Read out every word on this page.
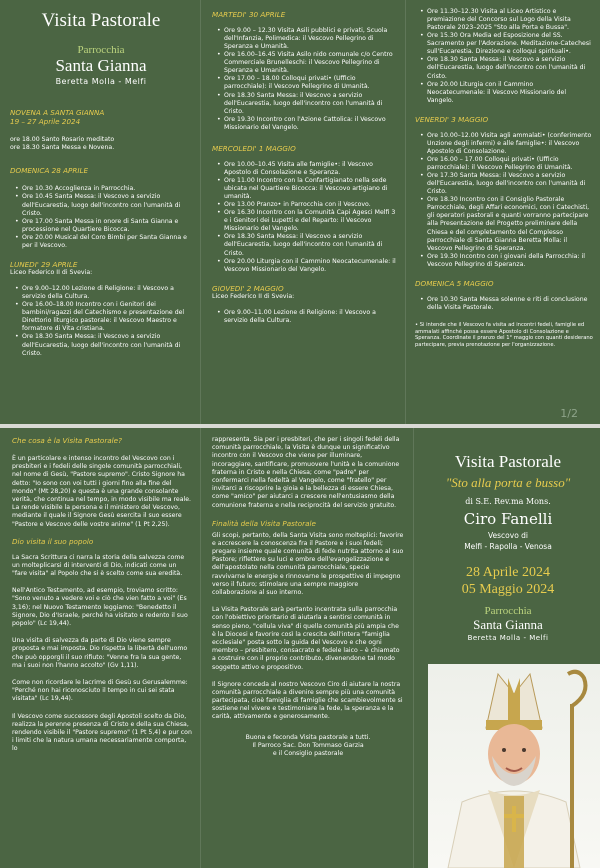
Visita Pastorale
Parrocchia
Santa Gianna
Beretta Molla - Melfi
NOVENA A SANTA GIANNA
19 – 27 Aprile 2024
ore 18.00 Santo Rosario meditato
ore 18.30 Santa Messa e Novena.
DOMENICA 28 APRILE
• Ore 10.30 Accoglienza in Parrocchia.
• Ore 10.45 Santa Messa: il Vescovo a servizio dell'Eucarestia, luogo dell'incontro con l'umanità di Cristo.
• Ore 17.00 Santa Messa in onore di Santa Gianna e processione nel Quartiere Bicocca.
• Ore 20.00 Musical del Coro Bimbi per Santa Gianna e per il Vescovo.
LUNEDI' 29 APRILE
Liceo Federico II di Svevia:
• Ore 9.00–12.00 Lezione di Religione: il Vescovo a servizio della Cultura.
• Ore 16.00–18.00 Incontro con i Genitori dei bambini/ragazzi del Catechismo e presentazione del Direttorio liturgico pastorale: il Vescovo Maestro e formatore di Vita cristiana.
• Ore 18.30 Santa Messa: il Vescovo a servizio dell'Eucarestia, luogo dell'incontro con l'umanità di Cristo.
MARTEDI' 30 APRILE
• Ore 9.00 – 12.30 Visita Asili pubblici e privati, Scuola dell'Infanzia, Polimedica: il Vescovo Pellegrino di Speranza e Umanità.
• Ore 16.00–16.45 Visita Asilo nido comunale c/o Centro Commerciale Brunelleschi: il Vescovo Pellegrino di Speranza e Umanità.
• Ore 17.00 – 18.00 Colloqui privati• (Ufficio parrocchiale): il Vescovo Pellegrino di Umanità.
• Ore 18.30 Santa Messa: il Vescovo a servizio dell'Eucarestia, luogo dell'incontro con l'umanità di Cristo.
• Ore 19.30 Incontro con l'Azione Cattolica: il Vescovo Missionario del Vangelo.
MERCOLEDI' 1 MAGGIO
• Ore 10.00–10.45 Visita alle famiglie•: il Vescovo Apostolo di Consolazione e Speranza.
• Ore 11.00 Incontro con la Confartigianato nella sede ubicata nel Quartiere Bicocca: il Vescovo artigiano di umanità.
• Ore 13.00 Pranzo• in Parrocchia con il Vescovo.
• Ore 16.30 Incontro con la Comunità Capi Agesci Melfi 3 e i Genitori dei Lupetti e del Reparto: il Vescovo Missionario del Vangelo.
• Ore 18.30 Santa Messa: il Vescovo a servizio dell'Eucarestia, luogo dell'incontro con l'umanità di Cristo.
• Ore 20.00 Liturgia con il Cammino Neocatecumenale: il Vescovo Missionario del Vangelo.
GIOVEDI' 2 MAGGIO
Liceo Federico II di Svevia:
• Ore 9.00–11.00 Lezione di Religione: il Vescovo a servizio della Cultura.
• Ore 11.30–12.30 Visita al Liceo Artistico e premiazione del Concorso sul Logo della Visita Pastorale 2023–2025 "Sto alla Porta e Bussa".
• Ore 15.30 Ora Media ed Esposizione del SS. Sacramento per l'Adorazione. Meditazione-Catechesi sull'Eucarestia. Direzione e colloqui spirituali•.
• Ore 18.30 Santa Messa: il Vescovo a servizio dell'Eucarestia, luogo dell'incontro con l'umanità di Cristo.
• Ore 20.00 Liturgia con il Cammino Neocatecumenale: il Vescovo Missionario del Vangelo.
VENERDI' 3 MAGGIO
• Ore 10.00–12.00 Visita agli ammalati• (conferimento Unzione degli infermi) e alle famiglie•: il Vescovo Apostolo di Consolazione.
• Ore 16.00 – 17.00 Colloqui privati• (Ufficio parrocchiale): il Vescovo Pellegrino di Umanità.
• Ore 17.30 Santa Messa: il Vescovo a servizio dell'Eucarestia, luogo dell'incontro con l'umanità di Cristo.
• Ore 18.30 Incontro con il Consiglio Pastorale Parrocchiale, degli Affari economici, con i Catechisti, gli operatori pastorali e quanti vorranno partecipare alla Presentazione del Progetto preliminare della Chiesa e del completamento del Complesso parrocchiale di Santa Gianna Beretta Molla: il Vescovo Pellegrino di Speranza.
• Ore 19.30 Incontro con i giovani della Parrocchia: il Vescovo Pellegrino di Speranza.
DOMENICA 5 MAGGIO
• Ore 10.30 Santa Messa solenne e riti di conclusione della Visita Pastorale.
• Si intende che il Vescovo fa visita ad incontri fedeli, famiglie ed ammalati affinché possa essere Apostolo di Consolazione e Speranza. Coordinate il pranzo del 1° maggio con quanti desiderano partecipare, previa prenotazione per l'organizzazione.
1/2
Che cosa è la Visita Pastorale?
È un particolare e intenso incontro del Vescovo con i presbiteri e i fedeli delle singole comunità parrocchiali, nel nome di Gesù, "Pastore supremo". Cristo Signore ha detto: "Io sono con voi tutti i giorni fino alla fine del mondo" (Mt 28,20) e questa è una grande consolante verità, che continua nel tempo, in modo visibile ma reale. La rende visibile la persona e il ministero del Vescovo, mediante il quale il Signore Gesù esercita il suo essere "Pastore e Vescovo delle vostre anime" (1 Pt 2,25).
Dio visita il suo popolo
La Sacra Scrittura ci narra la storia della salvezza come un molteplicarsi di interventi di Dio, indicati come un "fare visita" al Popolo che si è scelto come sua eredità.
Nell'Antico Testamento, ad esempio, troviamo scritto: "Sono venuto a vedere voi e ciò che vien fatto a voi" (Es 3,16); nel Nuovo Testamento leggiamo: "Benedetto il Signore, Dio d'Israele, perché ha visitato e redento il suo popolo" (Lc 19,44).
Una visita di salvezza da parte di Dio viene sempre proposta e mai imposta. Dio rispetta la libertà dell'uomo che può opporgli il suo rifiuto: "Venne fra la sua gente, ma i suoi non l'hanno accolto" (Gv 1,11).
Come non ricordare le lacrime di Gesù su Gerusalemme: "Perché non hai riconosciuto il tempo in cui sei stata visitata" (Lc 19,44).
Il Vescovo come successore degli Apostoli scelto da Dio, realizza la perenne presenza di Cristo e della sua Chiesa, rendendo visibile il "Pastore supremo" (1 Pt 5,4) e pur con i limiti che la natura umana necessariamente comporta, lo
rappresenta. Sia per i presbiteri, che per i singoli fedeli della comunità parrocchiale, la Visita è dunque un significativo incontro con il Vescovo che viene per illuminare, incoraggiare, santificare, promuovere l'unità e la comunione fraterna in Cristo e nella Chiesa; come "padre" per confermarci nella fedeltà al Vangelo, come "fratello" per invitarci a riscoprire la gioia e la bellezza di essere Chiesa, come "amico" per aiutarci a crescere nell'entusiasmo della comunione fraterna e nella reciprocità del servizio gratuito.
Finalità della Visita Pastorale
Gli scopi, pertanto, della Santa Visita sono molteplici: favorire e accrescere la conoscenza fra il Pastore e i suoi fedeli; pregare insieme quale comunità di fede nutrita attorno al suo Pastore; riflettere su luci e ombre dell'evangelizzazione e dell'apostolato nella comunità parrocchiale, specie ravvivarne le energie e rinnovarne le prospettive di impegno verso il futuro; stimolare una sempre maggiore collaborazione al suo interno.
La Visita Pastorale sarà pertanto incentrata sulla parrocchia con l'obiettivo prioritario di aiutarla a sentirsi comunità in senso pieno, "cellula viva" di quella comunità più ampia che è la Diocesi e favorire così la crescita dell'intera "famiglia ecclesiale" posta sotto la guida del Vescovo e che ogni membro – presbitero, consacrato e fedele laico – è chiamato a costruire con il proprio contributo, divenendone tal modo soggetto attivo e propositivo.
Il Signore conceda al nostro Vescovo Ciro di aiutare la nostra comunità parrocchiale a divenire sempre più una comunità partecipata, cioè famiglia di famiglie che scambievolmente si sostiene nel vivere e testimoniare la fede, la speranza e la carità, attivamente e generosamente.
Buona e feconda Visita pastorale a tutti.
Il Parroco Sac. Don Tommaso Garzia
e il Consiglio pastorale
Visita Pastorale
"Sto alla porta e busso"
di S.E. Rev.ma Mons.
Ciro Fanelli
Vescovo di
Melfi - Rapolla - Venosa
28 Aprile 2024
05 Maggio 2024
Parrocchia
Santa Gianna
Beretta Molla - Melfi
